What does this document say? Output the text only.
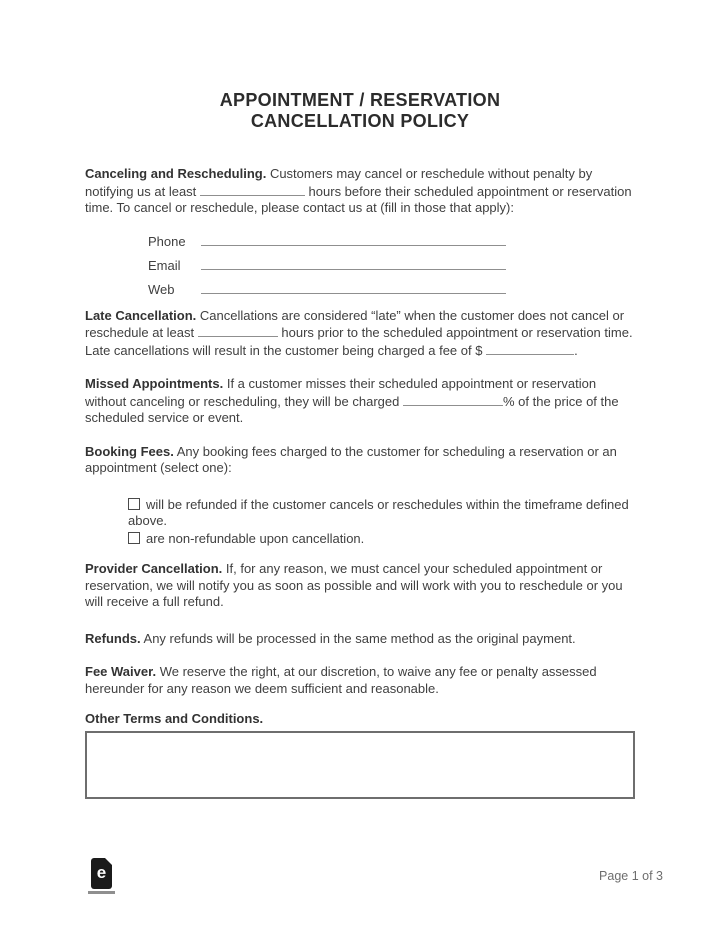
APPOINTMENT / RESERVATION
CANCELLATION POLICY

Canceling and Rescheduling. Customers may cancel or reschedule without penalty by notifying us at least	hours before their scheduled appointment or reservation time. To cancel or reschedule, please contact us at (fill in those that apply):

Phone
Email
Web

Late Cancellation. Cancellations are considered “late” when the customer does not cancel or reschedule at least	hours prior to the scheduled appointment or reservation time. Late cancellations will result in the customer being charged a fee of $	.

Missed Appointments. If a customer misses their scheduled appointment or reservation without canceling or rescheduling, they will be charged	% of the price of the scheduled service or event.

Booking Fees. Any booking fees charged to the customer for scheduling a reservation or an appointment (select one):

will be refunded if the customer cancels or reschedules within the timeframe defined above.
are non-refundable upon cancellation.

Provider Cancellation. If, for any reason, we must cancel your scheduled appointment or reservation, we will notify you as soon as possible and will work with you to reschedule or you will receive a full refund.

Refunds. Any refunds will be processed in the same method as the original payment.

Fee Waiver. We reserve the right, at our discretion, to waive any fee or penalty assessed hereunder for any reason we deem sufficient and reasonable.

Other Terms and Conditions.

e	Page 1 of 3
